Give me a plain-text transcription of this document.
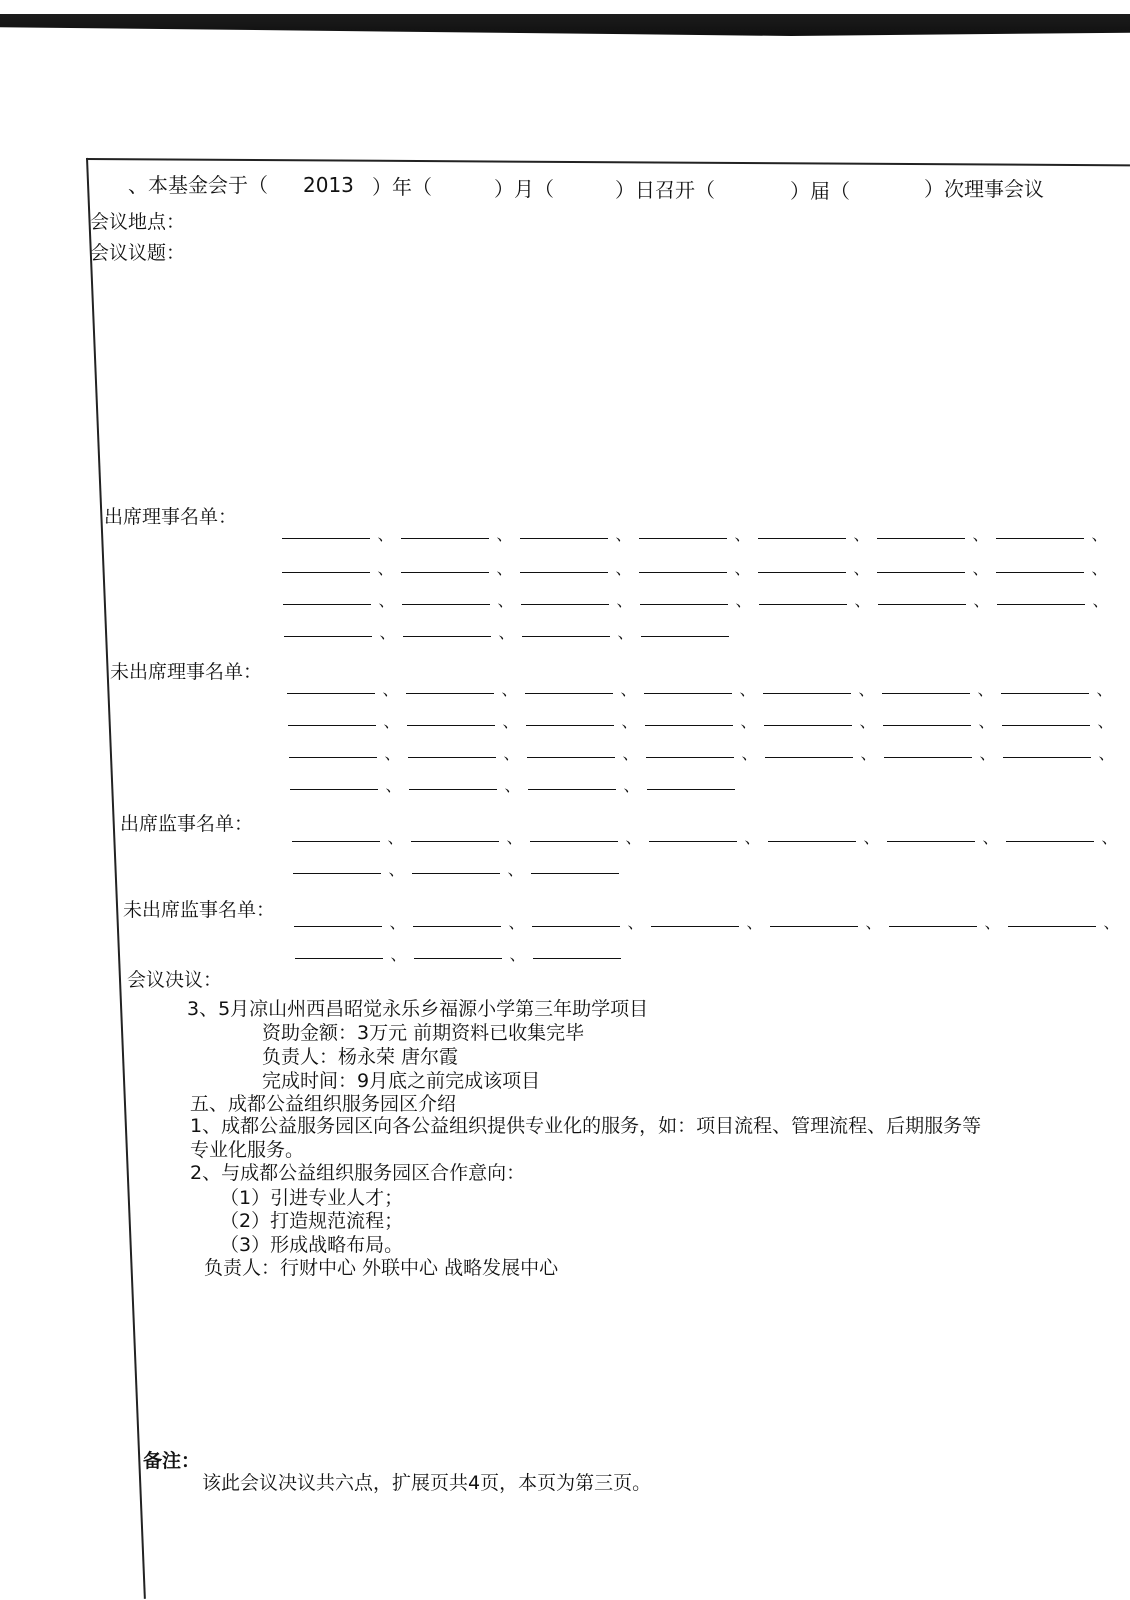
、本基金会于（ 2013 ）年（	）月（	）日召开（	）届（	）次理事会议
会议地点：
会议议题：
出席理事名单：
、	、	、	、	、	、	、
、	、	、	、	、	、	、
、	、	、	、	、	、	、
、	、	、
未出席理事名单：
、	、	、	、	、	、	、
、	、	、	、	、	、	、
、	、	、	、	、	、	、
、	、	、
出席监事名单：
、	、	、	、	、	、	、
、	、
未出席监事名单：
、	、	、	、	、	、	、
、	、
会议决议：
3、5月凉山州西昌昭觉永乐乡福源小学第三年助学项目
资助金额：3万元 前期资料已收集完毕
负责人：杨永荣 唐尔霞
完成时间：9月底之前完成该项目
五、成都公益组织服务园区介绍
1、成都公益服务园区向各公益组织提供专业化的服务，如：项目流程、管理流程、后期服务等
专业化服务。
2、与成都公益组织服务园区合作意向：
（1）引进专业人才；
（2）打造规范流程；
（3）形成战略布局。
负责人：行财中心 外联中心 战略发展中心
备注：
该此会议决议共六点，扩展页共4页，本页为第三页。
